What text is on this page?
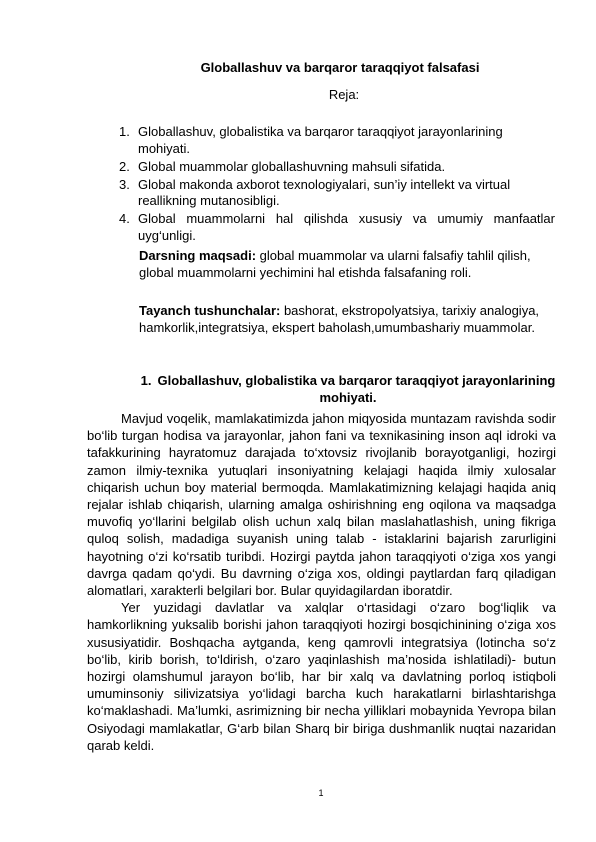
Globallashuv va barqaror taraqqiyot falsafasi
Reja:
1. Globallashuv, globalistika va barqaror taraqqiyot jarayonlarining mohiyati.
2. Global muammolar globallashuvning mahsuli sifatida.
3. Global makonda axborot texnologiyalari, sun’iy intellekt va virtual reallikning mutanosibligi.
4. Global muammolarni hal qilishda xususiy va umumiy manfaatlar uyg‘unligi.
Darsning maqsadi: global muammolar va ularni falsafiy tahlil qilish, global muammolarni yechimini hal etishda falsafaning roli.
Tayanch tushunchalar: bashorat, ekstropolyatsiya, tarixiy analogiya, hamkorlik,integratsiya, ekspert baholash,umumbashariy muammolar.
1. Globallashuv, globalistika va barqaror taraqqiyot jarayonlarining mohiyati.

Mavjud voqelik, mamlakatimizda jahon miqyosida muntazam ravishda sodir bo‘lib turgan hodisa va jarayonlar, jahon fani va texnikasining inson aql idroki va tafakkurining hayratomuz darajada to‘xtovsiz rivojlanib borayotganligi, hozirgi zamon ilmiy-texnika yutuqlari insoniyatning kelajagi haqida ilmiy xulosalar chiqarish uchun boy material bermoqda. Mamlakatimizning kelajagi haqida aniq rejalar ishlab chiqarish, ularning amalga oshirishning eng oqilona va maqsadga muvofiq yo‘llarini belgilab olish uchun xalq bilan maslahatlashish, uning fikriga quloq solish, madadiga suyanish uning talab - istaklarini bajarish zarurligini hayotning o‘zi ko‘rsatib turibdi. Hozirgi paytda jahon taraqqiyoti o‘ziga xos yangi davrga qadam qo‘ydi. Bu davrning o‘ziga xos, oldingi paytlardan farq qiladigan alomatlari, xarakterli belgilari bor. Bular quyidagilardan iboratdir.

Yer yuzidagi davlatlar va xalqlar o‘rtasidagi o‘zaro bog‘liqlik va hamkorlikning yuksalib borishi jahon taraqqiyoti hozirgi bosqichinining o‘ziga xos xususiyatidir. Boshqacha aytganda, keng qamrovli integratsiya (lotincha so‘z bo‘lib, kirib borish, to‘ldirish, o‘zaro yaqinlashish ma’nosida ishlatiladi)- butun hozirgi olamshumul jarayon bo‘lib, har bir xalq va davlatning porloq istiqboli umuminsoniy silivizatsiya yo‘lidagi barcha kuch harakatlarni birlashtarishga ko‘maklashadi. Ma’lumki, asrimizning bir necha yilliklari mobaynida Yevropa bilan Osiyodagi mamlakatlar, G‘arb bilan Sharq bir biriga dushmanlik nuqtai nazaridan qarab keldi.

1
